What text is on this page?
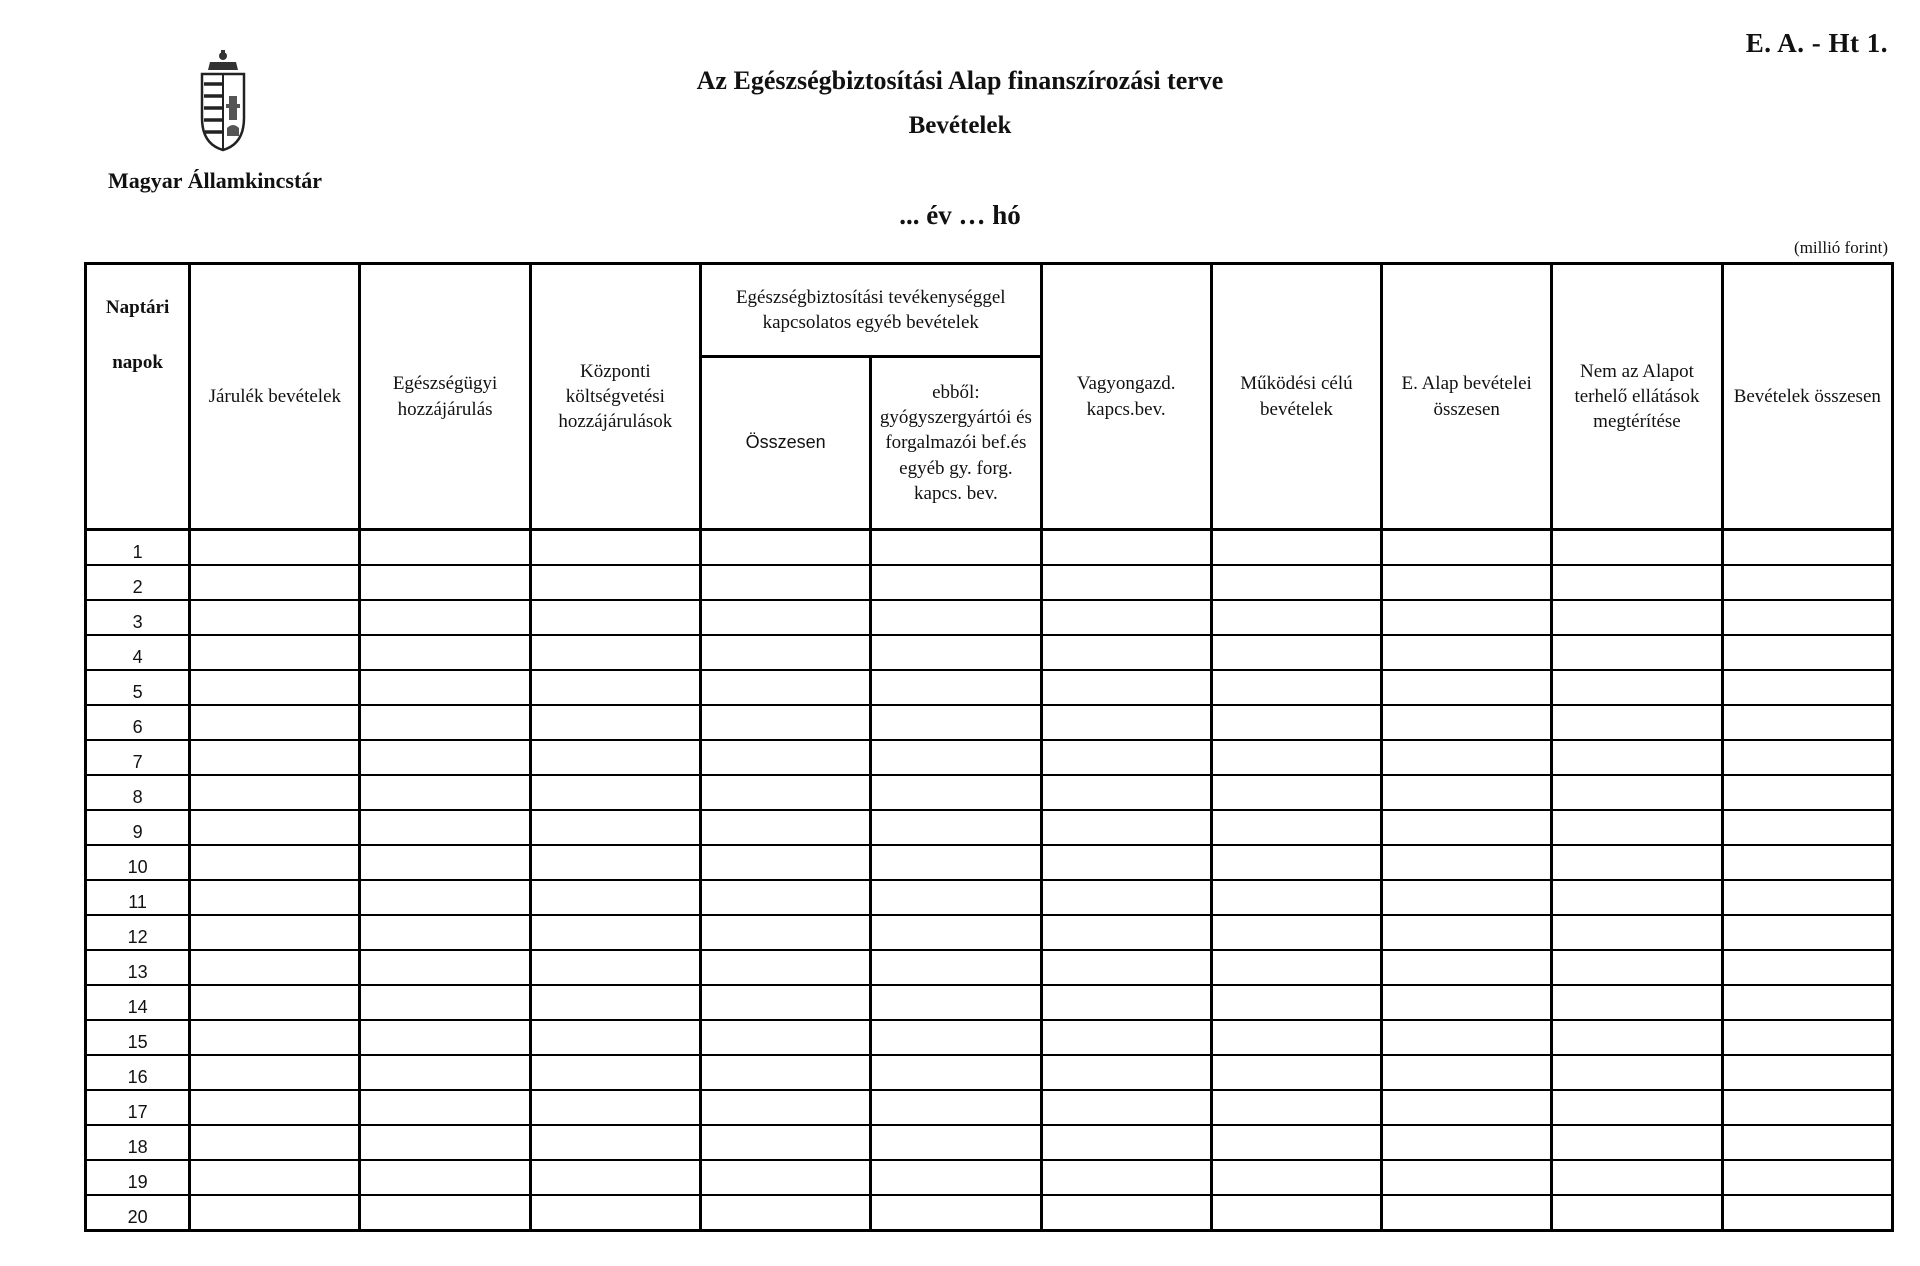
E. A. - Ht 1.
Magyar Államkincstár
Az Egészségbiztosítási Alap finanszírozási terve
Bevételek
... év … hó
(millió forint)
Naptári
napok	Járulék bevételek	Egészségügyi hozzájárulás	Központi költségvetési hozzájárulások	Egészségbiztosítási tevékenységgel kapcsolatos egyéb bevételek		Vagyongazd. kapcs.bev.	Működési célú bevételek	E. Alap bevételei összesen	Nem az Alapot terhelő ellátások megtérítése	Bevételek összesen
				Összesen	ebből: gyógyszergyártói és forgalmazói bef.és egyéb gy. forg. kapcs. bev.					
1										
2										
3										
4										
5										
6										
7										
8										
9										
10										
11										
12										
13										
14										
15										
16										
17										
18										
19										
20										
